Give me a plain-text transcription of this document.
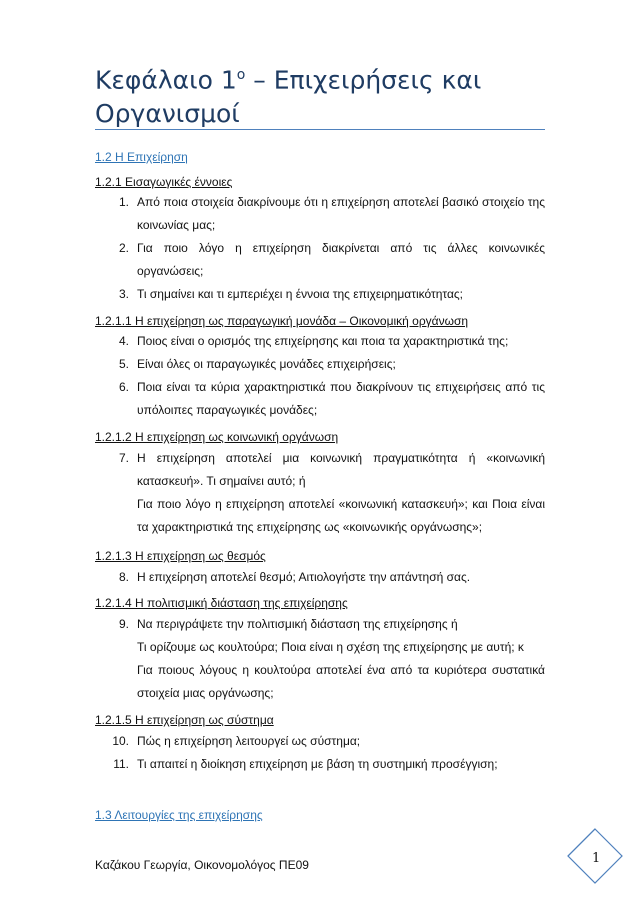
Κεφάλαιο $1^o$ – Επιχειρήσεις και
Οργανισμοί
1.2 Η Επιχείρηση
1.2.1 Εισαγωγικές έννοιες
1. Από ποια στοιχεία διακρίνουμε ότι η επιχείρηση αποτελεί βασικό στοιχείο της κοινωνίας μας;
2. Για ποιο λόγο η επιχείρηση διακρίνεται από τις άλλες κοινωνικές οργανώσεις;
3. Τι σημαίνει και τι εμπεριέχει η έννοια της επιχειρηματικότητας;
1.2.1.1 Η επιχείρηση ως παραγωγική μονάδα – Οικονομική οργάνωση
4. Ποιος είναι ο ορισμός της επιχείρησης και ποια τα χαρακτηριστικά της;
5. Είναι όλες οι παραγωγικές μονάδες επιχειρήσεις;
6. Ποια είναι τα κύρια χαρακτηριστικά που διακρίνουν τις επιχειρήσεις από τις υπόλοιπες παραγωγικές μονάδες;
1.2.1.2 Η επιχείρηση ως κοινωνική οργάνωση
7. Η επιχείρηση αποτελεί μια κοινωνική πραγματικότητα ή «κοινωνική κατασκευή». Τι σημαίνει αυτό; ή
Για ποιο λόγο η επιχείρηση αποτελεί «κοινωνική κατασκευή»; και Ποια είναι τα χαρακτηριστικά της επιχείρησης ως «κοινωνικής οργάνωσης»;
1.2.1.3 Η επιχείρηση ως θεσμός
8. Η επιχείρηση αποτελεί θεσμό; Αιτιολογήστε την απάντησή σας.
1.2.1.4 Η πολιτισμική διάσταση της επιχείρησης
9. Να περιγράψετε την πολιτισμική διάσταση της επιχείρησης ή
Τι ορίζουμε ως κουλτούρα; Ποια είναι η σχέση της επιχείρησης με αυτή; κ
Για ποιους λόγους η κουλτούρα αποτελεί ένα από τα κυριότερα συστατικά στοιχεία μιας οργάνωσης;
1.2.1.5 Η επιχείρηση ως σύστημα
10. Πώς η επιχείρηση λειτουργεί ως σύστημα;
11. Τι απαιτεί η διοίκηση επιχείρηση με βάση τη συστημική προσέγγιση;
1.3 Λειτουργίες της επιχείρησης
Καζάκου Γεωργία, Οικονομολόγος ΠΕ09	1
